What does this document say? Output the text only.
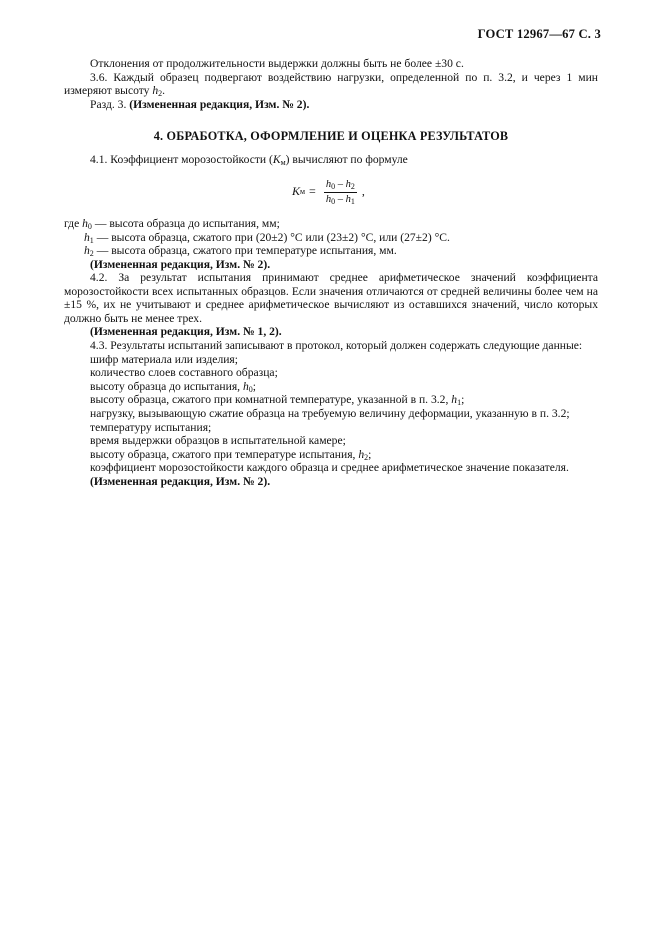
ГОСТ 12967—67 С. 3

Отклонения от продолжительности выдержки должны быть не более ±30 с.

3.6. Каждый образец подвергают воздействию нагрузки, определенной по п. 3.2, и через 1 мин измеряют высоту $h_2$.

Разд. 3. (Измененная редакция, Изм. № 2).

4. ОБРАБОТКА, ОФОРМЛЕНИЕ И ОЦЕНКА РЕЗУЛЬТАТОВ

4.1. Коэффициент морозостойкости $(К_м)$ вычисляют по формуле

К $м = \frac{h_0 - h_2}{h_0 - h_1}$ ,

где $h_0$ — высота образца до испытания, мм;

$h_1$ — высота образца, сжатого при (20±2) °С или (23±2) °С, или (27±2) °С.

$h_2$ — высота образца, сжатого при температуре испытания, мм.

(Измененная редакция, Изм. № 2).

4.2. За результат испытания принимают среднее арифметическое значений коэффициента морозостойкости всех испытанных образцов. Если значения отличаются от средней величины более чем на ±15 %, их не учитывают и среднее арифметическое вычисляют из оставшихся значений, число которых должно быть не менее трех.

(Измененная редакция, Изм. № 1, 2).

4.3. Результаты испытаний записывают в протокол, который должен содержать следующие данные:

шифр материала или изделия;

количество слоев составного образца;

высоту образца до испытания, $h_0$;

высоту образца, сжатого при комнатной температуре, указанной в п. 3.2, $h_1$;

нагрузку, вызывающую сжатие образца на требуемую величину деформации, указанную в п. 3.2;

температуру испытания;

время выдержки образцов в испытательной камере;

высоту образца, сжатого при температуре испытания, $h_2$;

коэффициент морозостойкости каждого образца и среднее арифметическое значение показателя.

(Измененная редакция, Изм. № 2).
